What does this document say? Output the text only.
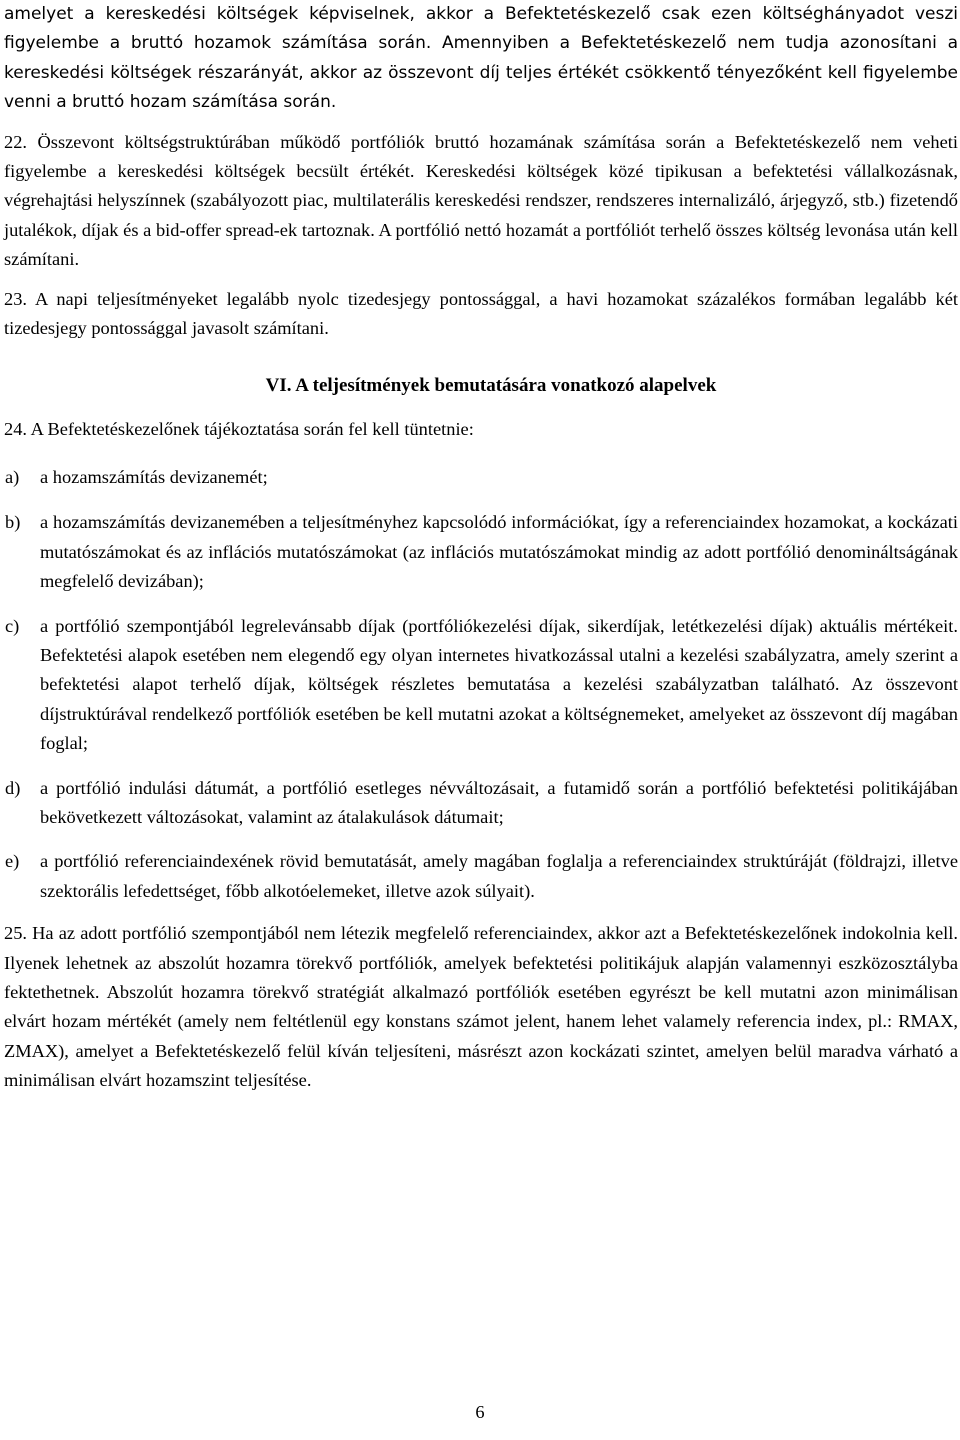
amelyet a kereskedési költségek képviselnek, akkor a Befektetéskezelő csak ezen költséghányadot veszi figyelembe a bruttó hozamok számítása során. Amennyiben a Befektetéskezelő nem tudja azonosítani a kereskedési költségek részarányát, akkor az összevont díj teljes értékét csökkentő tényezőként kell figyelembe venni a bruttó hozam számítása során.

22. Összevont költségstruktúrában működő portfóliók bruttó hozamának számítása során a Befektetéskezelő nem veheti figyelembe a kereskedési költségek becsült értékét. Kereskedési költségek közé tipikusan a befektetési vállalkozásnak, végrehajtási helyszínnek (szabályozott piac, multilaterális kereskedési rendszer, rendszeres internalizáló, árjegyző, stb.) fizetendő jutalékok, díjak és a bid-offer spread-ek tartoznak. A portfólió nettó hozamát a portfóliót terhelő összes költség levonása után kell számítani.

23. A napi teljesítményeket legalább nyolc tizedesjegy pontossággal, a havi hozamokat százalékos formában legalább két tizedesjegy pontossággal javasolt számítani.

VI. A teljesítmények bemutatására vonatkozó alapelvek

24. A Befektetéskezelőnek tájékoztatása során fel kell tüntetnie:

a)	a hozamszámítás devizanemét;

b)	a hozamszámítás devizanemében a teljesítményhez kapcsolódó információkat, így a referenciaindex hozamokat, a kockázati mutatószámokat és az inflációs mutatószámokat (az inflációs mutatószámokat mindig az adott portfólió denomináltságának megfelelő devizában);

c)	a portfólió szempontjából legrelevánsabb díjak (portfóliókezelési díjak, sikerdíjak, letétkezelési díjak) aktuális mértékeit. Befektetési alapok esetében nem elegendő egy olyan internetes hivatkozással utalni a kezelési szabályzatra, amely szerint a befektetési alapot terhelő díjak, költségek részletes bemutatása a kezelési szabályzatban található. Az összevont díjstruktúrával rendelkező portfóliók esetében be kell mutatni azokat a költségnemeket, amelyeket az összevont díj magában foglal;

d)	a portfólió indulási dátumát, a portfólió esetleges névváltozásait, a futamidő során a portfólió befektetési politikájában bekövetkezett változásokat, valamint az átalakulások dátumait;

e)	a portfólió referenciaindexének rövid bemutatását, amely magában foglalja a referenciaindex struktúráját (földrajzi, illetve szektorális lefedettséget, főbb alkotóelemeket, illetve azok súlyait).

25. Ha az adott portfólió szempontjából nem létezik megfelelő referenciaindex, akkor azt a Befektetéskezelőnek indokolnia kell. Ilyenek lehetnek az abszolút hozamra törekvő portfóliók, amelyek befektetési politikájuk alapján valamennyi eszközosztályba fektethetnek. Abszolút hozamra törekvő stratégiát alkalmazó portfóliók esetében egyrészt be kell mutatni azon minimálisan elvárt hozam mértékét (amely nem feltétlenül egy konstans számot jelent, hanem lehet valamely referencia index, pl.: RMAX, ZMAX), amelyet a Befektetéskezelő felül kíván teljesíteni, másrészt azon kockázati szintet, amelyen belül maradva várható a minimálisan elvárt hozamszint teljesítése.

6
